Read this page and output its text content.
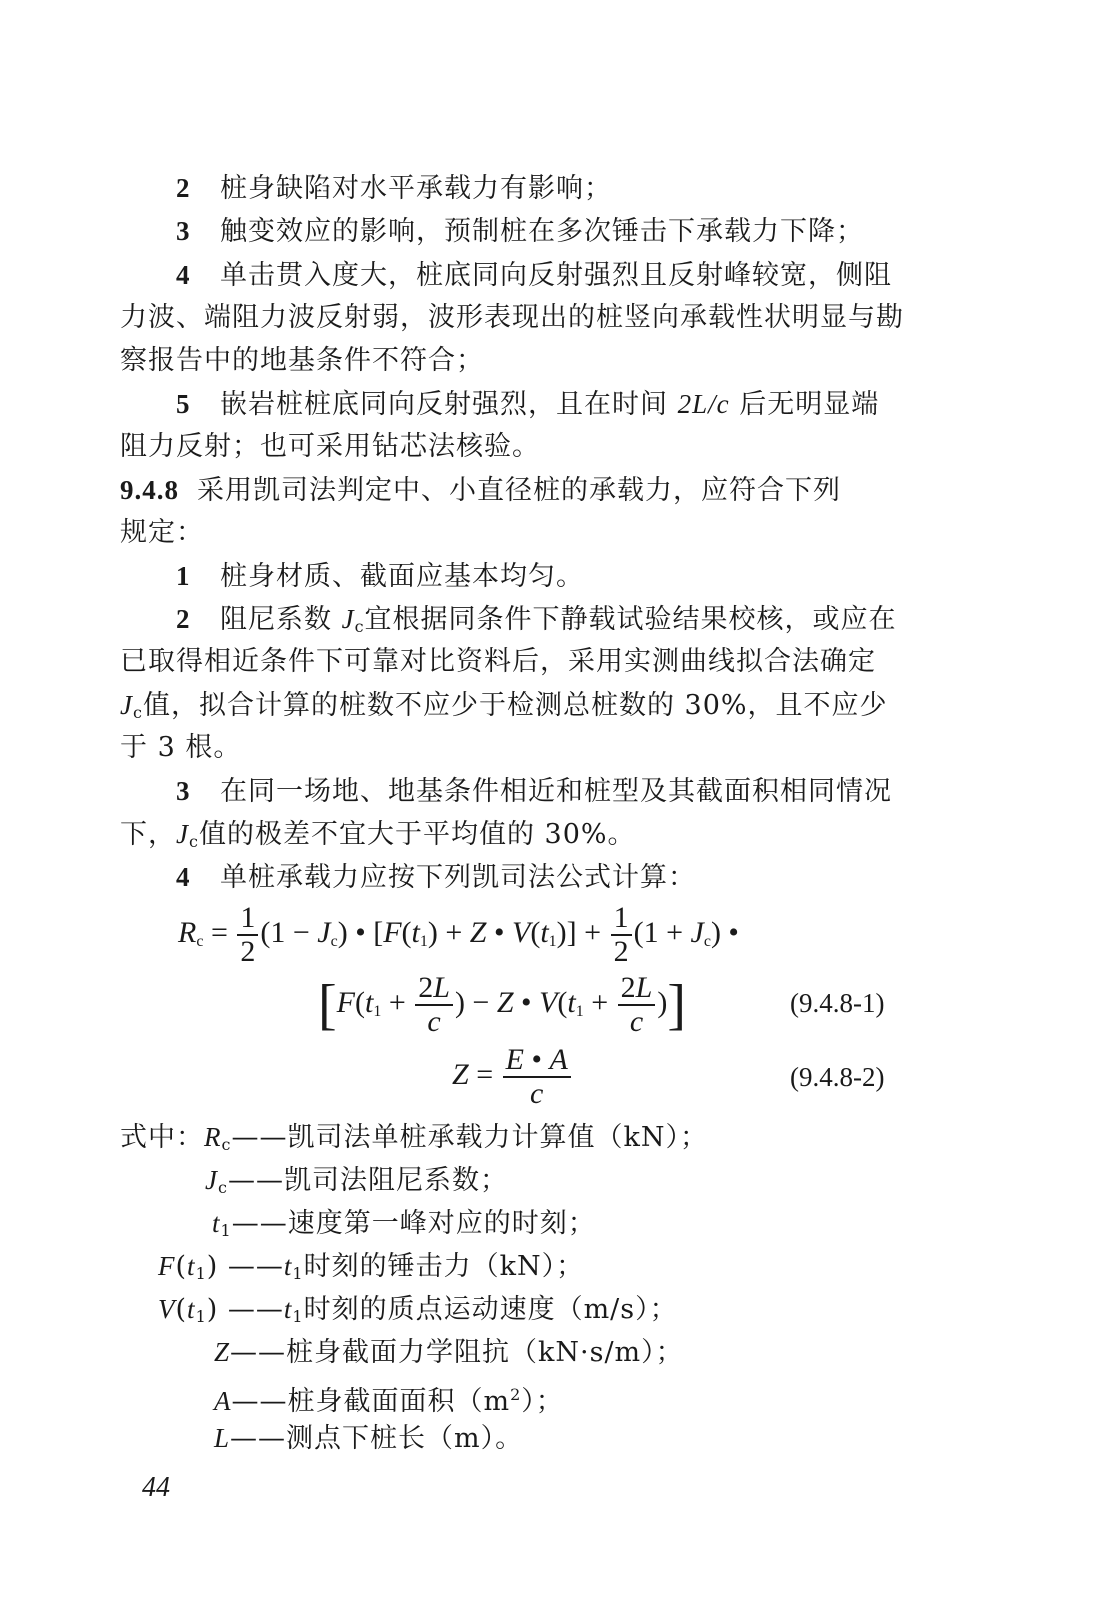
2 桩身缺陷对水平承载力有影响；
3 触变效应的影响，预制桩在多次锤击下承载力下降；
4 单击贯入度大，桩底同向反射强烈且反射峰较宽，侧阻
力波、端阻力波反射弱，波形表现出的桩竖向承载性状明显与勘
察报告中的地基条件不符合；
5 嵌岩桩桩底同向反射强烈，且在时间 2L/c 后无明显端
阻力反射；也可采用钻芯法核验。
9.4.8 采用凯司法判定中、小直径桩的承载力，应符合下列
规定：
1 桩身材质、截面应基本均匀。
2 阻尼系数 $J_c$宜根据同条件下静载试验结果校核，或应在
已取得相近条件下可靠对比资料后，采用实测曲线拟合法确定
$J_c$值，拟合计算的桩数不应少于检测总桩数的 30%，且不应少
于 3 根。
3 在同一场地、地基条件相近和桩型及其截面积相同情况
下，$J_c$值的极差不宜大于平均值的 30%。
4 单桩承载力应按下列凯司法公式计算：
$R_c = \frac{1}{2} (1 - J_c)$ • [$F(t_1) + Z$ • $V(t_1)] + \frac{1}{2} (1 + J_c)$ •
[$F(t_1 + \frac{2L}{c}$ ) − Z • $V(t_1 + \frac{2L}{c}$ )]	(9.4.8-1)
$Z = \frac{E • A}{c}$	(9.4.8-2)
式中：$R_c——$凯司法单桩承载力计算值（kN）；
$J_c——$凯司法阻尼系数；
$t_1——$速度第一峰对应的时刻；
$F(t_1)$ $——t_1$时刻的锤击力（kN）；
$V(t_1)$ $——t_1$时刻的质点运动速度（m/s）；
Z——桩身截面力学阻抗（kN·s/m）；
A——桩身截面面积$(m^2)$；
L——测点下桩长（m）。
44
